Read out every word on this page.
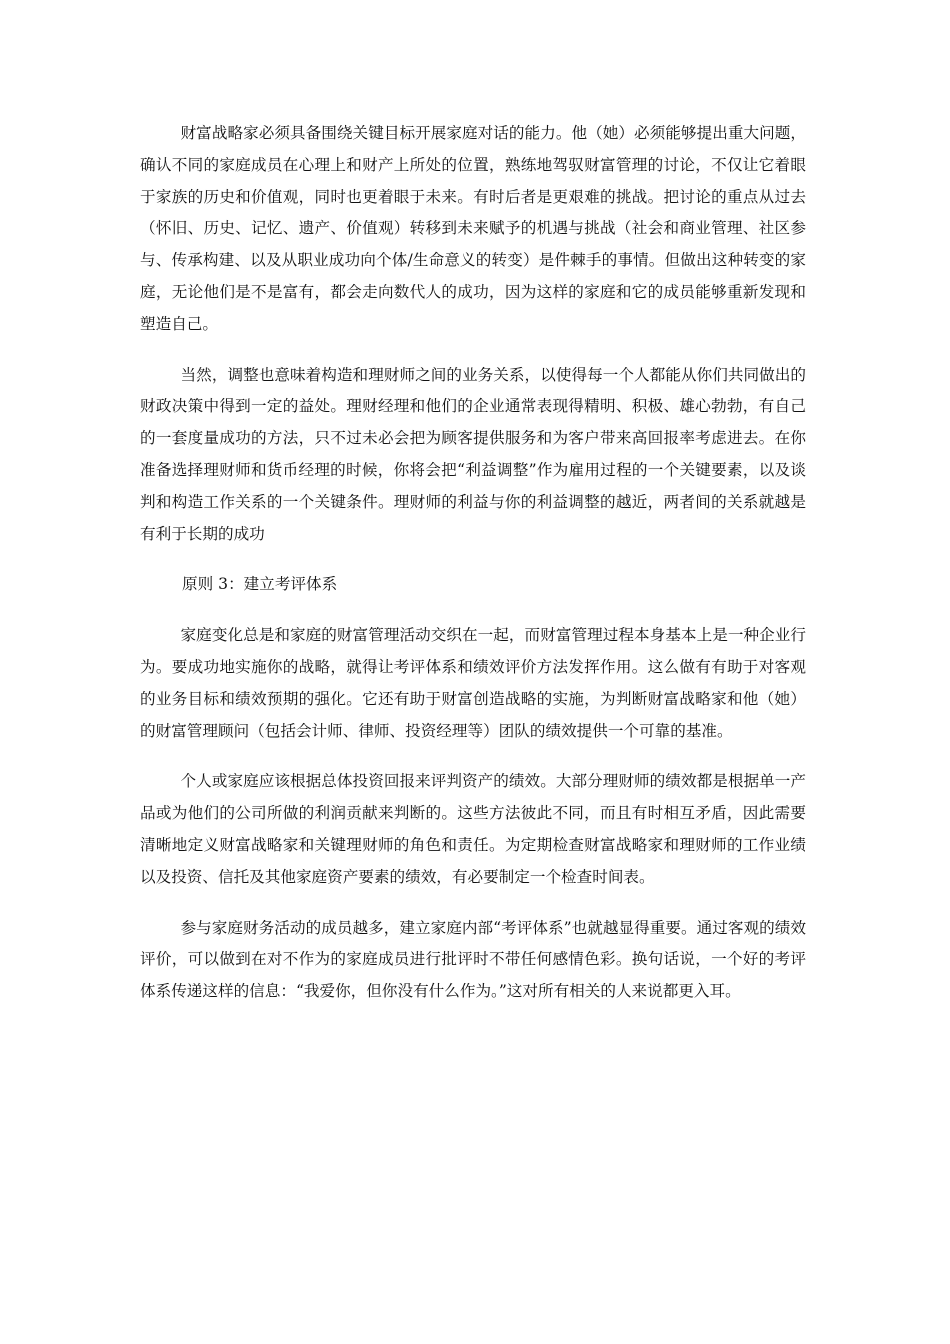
财富战略家必须具备围绕关键目标开展家庭对话的能力。他（她）必须能够提出重大问题，确认不同的家庭成员在心理上和财产上所处的位置，熟练地驾驭财富管理的讨论，不仅让它着眼于家族的历史和价值观，同时也更着眼于未来。有时后者是更艰难的挑战。把讨论的重点从过去（怀旧、历史、记忆、遗产、价值观）转移到未来赋予的机遇与挑战（社会和商业管理、社区参与、传承构建、以及从职业成功向个体/生命意义的转变）是件棘手的事情。但做出这种转变的家庭，无论他们是不是富有，都会走向数代人的成功，因为这样的家庭和它的成员能够重新发现和塑造自己。

当然，调整也意味着构造和理财师之间的业务关系，以使得每一个人都能从你们共同做出的财政决策中得到一定的益处。理财经理和他们的企业通常表现得精明、积极、雄心勃勃，有自己的一套度量成功的方法，只不过未必会把为顾客提供服务和为客户带来高回报率考虑进去。在你准备选择理财师和货币经理的时候，你将会把“利益调整”作为雇用过程的一个关键要素，以及谈判和构造工作关系的一个关键条件。理财师的利益与你的利益调整的越近，两者间的关系就越是有利于长期的成功

原则 3：建立考评体系

家庭变化总是和家庭的财富管理活动交织在一起，而财富管理过程本身基本上是一种企业行为。要成功地实施你的战略，就得让考评体系和绩效评价方法发挥作用。这么做有有助于对客观的业务目标和绩效预期的强化。它还有助于财富创造战略的实施，为判断财富战略家和他（她）的财富管理顾问（包括会计师、律师、投资经理等）团队的绩效提供一个可靠的基准。

个人或家庭应该根据总体投资回报来评判资产的绩效。大部分理财师的绩效都是根据单一产品或为他们的公司所做的利润贡献来判断的。这些方法彼此不同，而且有时相互矛盾，因此需要清晰地定义财富战略家和关键理财师的角色和责任。为定期检查财富战略家和理财师的工作业绩以及投资、信托及其他家庭资产要素的绩效，有必要制定一个检查时间表。

参与家庭财务活动的成员越多，建立家庭内部“考评体系”也就越显得重要。通过客观的绩效评价，可以做到在对不作为的家庭成员进行批评时不带任何感情色彩。换句话说，一个好的考评体系传递这样的信息：“我爱你，但你没有什么作为。”这对所有相关的人来说都更入耳。
